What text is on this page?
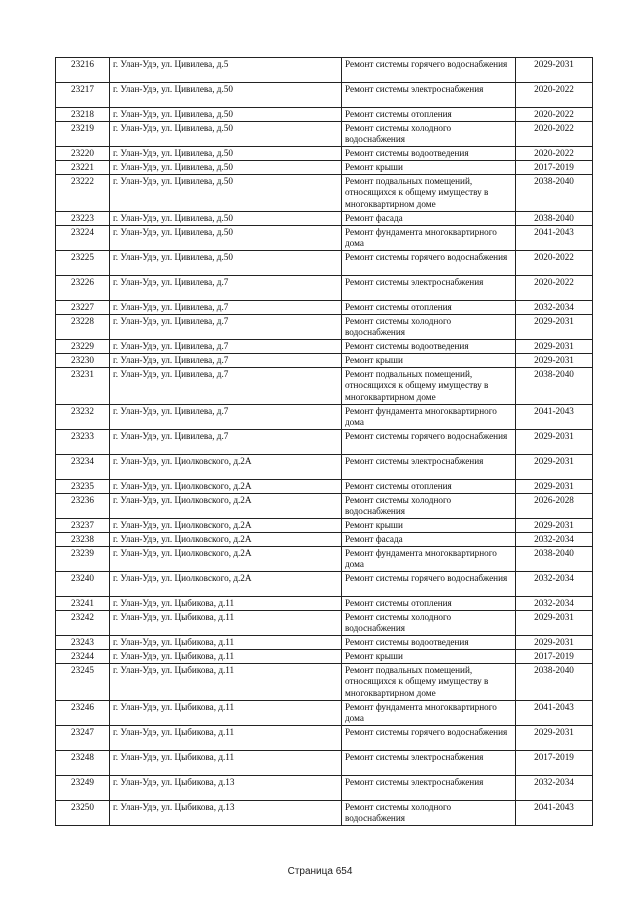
23216	г. Улан-Удэ, ул. Цивилева, д.5	Ремонт системы горячего водоснабжения	2029-2031
23217	г. Улан-Удэ, ул. Цивилева, д.50	Ремонт системы электроснабжения	2020-2022
23218	г. Улан-Удэ, ул. Цивилева, д.50	Ремонт системы отопления	2020-2022
23219	г. Улан-Удэ, ул. Цивилева, д.50	Ремонт системы холодного водоснабжения	2020-2022
23220	г. Улан-Удэ, ул. Цивилева, д.50	Ремонт системы водоотведения	2020-2022
23221	г. Улан-Удэ, ул. Цивилева, д.50	Ремонт крыши	2017-2019
23222	г. Улан-Удэ, ул. Цивилева, д.50	Ремонт подвальных помещений, относящихся к общему имуществу в многоквартирном доме	2038-2040
23223	г. Улан-Удэ, ул. Цивилева, д.50	Ремонт фасада	2038-2040
23224	г. Улан-Удэ, ул. Цивилева, д.50	Ремонт фундамента многоквартирного дома	2041-2043
23225	г. Улан-Удэ, ул. Цивилева, д.50	Ремонт системы горячего водоснабжения	2020-2022
23226	г. Улан-Удэ, ул. Цивилева, д.7	Ремонт системы электроснабжения	2020-2022
23227	г. Улан-Удэ, ул. Цивилева, д.7	Ремонт системы отопления	2032-2034
23228	г. Улан-Удэ, ул. Цивилева, д.7	Ремонт системы холодного водоснабжения	2029-2031
23229	г. Улан-Удэ, ул. Цивилева, д.7	Ремонт системы водоотведения	2029-2031
23230	г. Улан-Удэ, ул. Цивилева, д.7	Ремонт крыши	2029-2031
23231	г. Улан-Удэ, ул. Цивилева, д.7	Ремонт подвальных помещений, относящихся к общему имуществу в многоквартирном доме	2038-2040
23232	г. Улан-Удэ, ул. Цивилева, д.7	Ремонт фундамента многоквартирного дома	2041-2043
23233	г. Улан-Удэ, ул. Цивилева, д.7	Ремонт системы горячего водоснабжения	2029-2031
23234	г. Улан-Удэ, ул. Циолковского, д.2А	Ремонт системы электроснабжения	2029-2031
23235	г. Улан-Удэ, ул. Циолковского, д.2А	Ремонт системы отопления	2029-2031
23236	г. Улан-Удэ, ул. Циолковского, д.2А	Ремонт системы холодного водоснабжения	2026-2028
23237	г. Улан-Удэ, ул. Циолковского, д.2А	Ремонт крыши	2029-2031
23238	г. Улан-Удэ, ул. Циолковского, д.2А	Ремонт фасада	2032-2034
23239	г. Улан-Удэ, ул. Циолковского, д.2А	Ремонт фундамента многоквартирного дома	2038-2040
23240	г. Улан-Удэ, ул. Циолковского, д.2А	Ремонт системы горячего водоснабжения	2032-2034
23241	г. Улан-Удэ, ул. Цыбикова, д.11	Ремонт системы отопления	2032-2034
23242	г. Улан-Удэ, ул. Цыбикова, д.11	Ремонт системы холодного водоснабжения	2029-2031
23243	г. Улан-Удэ, ул. Цыбикова, д.11	Ремонт системы водоотведения	2029-2031
23244	г. Улан-Удэ, ул. Цыбикова, д.11	Ремонт крыши	2017-2019
23245	г. Улан-Удэ, ул. Цыбикова, д.11	Ремонт подвальных помещений, относящихся к общему имуществу в многоквартирном доме	2038-2040
23246	г. Улан-Удэ, ул. Цыбикова, д.11	Ремонт фундамента многоквартирного дома	2041-2043
23247	г. Улан-Удэ, ул. Цыбикова, д.11	Ремонт системы горячего водоснабжения	2029-2031
23248	г. Улан-Удэ, ул. Цыбикова, д.11	Ремонт системы электроснабжения	2017-2019
23249	г. Улан-Удэ, ул. Цыбикова, д.13	Ремонт системы электроснабжения	2032-2034
23250	г. Улан-Удэ, ул. Цыбикова, д.13	Ремонт системы холодного водоснабжения	2041-2043
Страница 654
